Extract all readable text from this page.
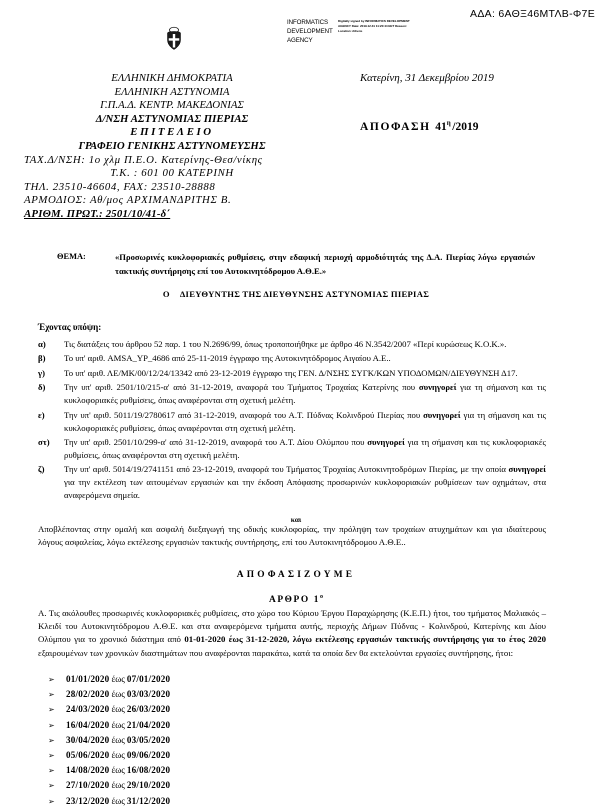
ΑΔΑ: 6ΑΘΞ46ΜΤΛΒ-Φ7Ε
INFORMATICS DEVELOPMENT AGENCY
Digitally signed by INFORMATICS DEVELOPMENT AGENCY Date: 2019.12.31 11:20:44 EET Reason: Location: Athens
ΕΛΛΗΝΙΚΗ ΔΗΜΟΚΡΑΤΙΑ
ΕΛΛΗΝΙΚΗ ΑΣΤΥΝΟΜΙΑ
Γ.Π.Α.Δ. ΚΕΝΤΡ. ΜΑΚΕΔΟΝΙΑΣ
Δ/ΝΣΗ ΑΣΤΥΝΟΜΙΑΣ ΠΙΕΡΙΑΣ
ΕΠΙΤΕΛΕΙΟ
ΓΡΑΦΕΙΟ ΓΕΝΙΚΗΣ ΑΣΤΥΝΟΜΕΥΣΗΣ
ΤΑΧ.Δ/ΝΣΗ: 1ο χλμ Π.Ε.Ο. Κατερίνης-Θεσ/νίκης
Τ.Κ. : 601 00 ΚΑΤΕΡΙΝΗ
ΤΗΛ. 23510-46604, FAX: 23510-28888
ΑΡΜΟΔΙΟΣ: Αθ/μος ΑΡΧΙΜΑΝΔΡΙΤΗΣ Β.
ΑΡΙΘΜ. ΠΡΩΤ.: 2501/10/41-δ΄
Κατερίνη, 31 Δεκεμβρίου 2019
ΑΠΟΦΑΣΗ $41^\eta/2019$
ΘΕΜΑ:	«Προσωρινές κυκλοφοριακές ρυθμίσεις, στην εδαφική περιοχή αρμοδιότητάς της Δ.Α. Πιερίας λόγω εργασιών τακτικής συντήρησης επί του Αυτοκινητόδρομου Α.Θ.Ε.»
Ο ΔΙΕΥΘΥΝΤΗΣ ΤΗΣ ΔΙΕΥΘΥΝΣΗΣ ΑΣΤΥΝΟΜΙΑΣ ΠΙΕΡΙΑΣ
Έχοντας υπόψη:
α)	Τις διατάξεις του άρθρου 52 παρ. 1 του Ν.2696/99, όπως τροποποιήθηκε με άρθρο 46 Ν.3542/2007 «Περί κυρώσεως Κ.Ο.Κ.».
β)	Το υπ' αριθ. AMSA_YP_4686 από 25-11-2019 έγγραφο της Αυτοκινητόδρομος Αιγαίου Α.Ε..
γ)	Το υπ' αριθ. ΛΕ/ΜΚ/00/12/24/13342 από 23-12-2019 έγγραφο της ΓΕΝ. Δ/ΝΣΗΣ ΣΥΓΚ/ΚΩΝ ΥΠΟΔΟΜΩΝ/ΔΙΕΥΘΥΝΣΗ Δ17.
δ)	Την υπ' αριθ. 2501/10/215-α' από 31-12-2019, αναφορά του Τμήματος Τροχαίας Κατερίνης που συνηγορεί για τη σήμανση και τις κυκλοφοριακές ρυθμίσεις, όπως αναφέρονται στη σχετική μελέτη.
ε)	Την υπ' αριθ. 5011/19/2780617 από 31-12-2019, αναφορά του Α.Τ. Πύδνας Κολινδρού Πιερίας που συνηγορεί για τη σήμανση και τις κυκλοφοριακές ρυθμίσεις, όπως αναφέρονται στη σχετική μελέτη.
στ)	Την υπ' αριθ. 2501/10/299-α' από 31-12-2019, αναφορά του Α.Τ. Δίου Ολύμπου που συνηγορεί για τη σήμανση και τις κυκλοφοριακές ρυθμίσεις, όπως αναφέρονται στη σχετική μελέτη.
ζ)	Την υπ' αριθ. 5014/19/2741151 από 23-12-2019, αναφορά του Τμήματος Τροχαίας Αυτοκινητοδρόμων Πιερίας, με την οποία συνηγορεί για την εκτέλεση των αιτουμένων εργασιών και την έκδοση Απόφασης προσωρινών κυκλοφοριακών ρυθμίσεων των οχημάτων, στα αναφερόμενα σημεία.
και
Αποβλέποντας στην ομαλή και ασφαλή διεξαγωγή της οδικής κυκλοφορίας, την πρόληψη των τροχαίων ατυχημάτων και για ιδιαίτερους λόγους ασφαλείας, λόγω εκτέλεσης εργασιών τακτικής συντήρησης, επί του Αυτοκινητόδρομου Α.Θ.Ε..
ΑΠΟΦΑΣΙΖΟΥΜΕ
ΑΡΘΡΟ $1^o$
Α. Τις ακόλουθες προσωρινές κυκλοφοριακές ρυθμίσεις, στο χώρο του Κύριου Έργου Παραχώρησης (Κ.Ε.Π.) ήτοι, του τμήματος Μαλιακός – Κλειδί του Αυτοκινητόδρομου Α.Θ.Ε. και στα αναφερόμενα τμήματα αυτής, περιοχής Δήμων Πύδνας - Κολινδρού, Κατερίνης και Δίου Ολύμπου για το χρονικό διάστημα από 01-01-2020 έως 31-12-2020, λόγω εκτέλεσης εργασιών τακτικής συντήρησης για το έτος 2020 εξαιρουμένων των χρονικών διαστημάτων που αναφέρονται παρακάτω, κατά τα οποία δεν θα εκτελούνται εργασίες συντήρησης, ήτοι:
➢	01/01/2020 έως 07/01/2020
➢	28/02/2020 έως 03/03/2020
➢	24/03/2020 έως 26/03/2020
➢	16/04/2020 έως 21/04/2020
➢	30/04/2020 έως 03/05/2020
➢	05/06/2020 έως 09/06/2020
➢	14/08/2020 έως 16/08/2020
➢	27/10/2020 έως 29/10/2020
➢	23/12/2020 έως 31/12/2020
